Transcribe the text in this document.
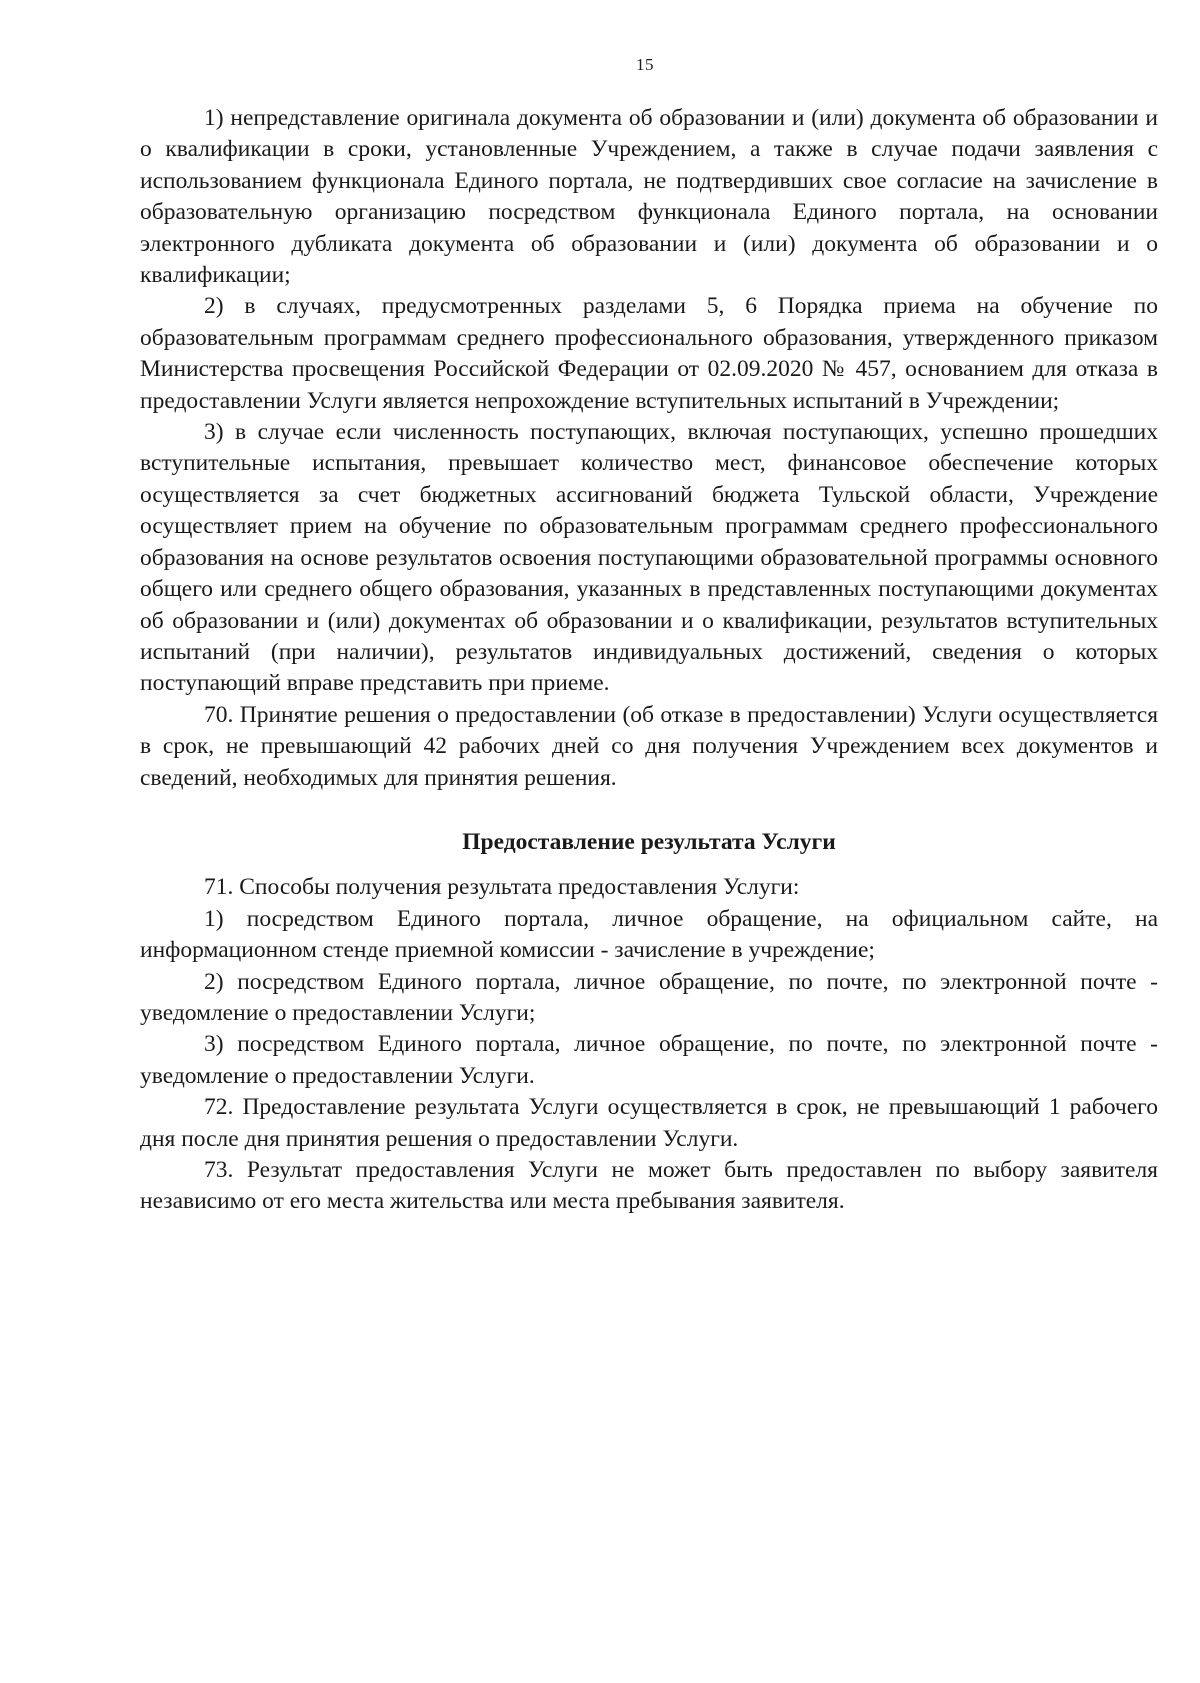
15

1) непредставление оригинала документа об образовании и (или) документа об образовании и о квалификации в сроки, установленные Учреждением, а также в случае подачи заявления с использованием функционала Единого портала, не подтвердивших свое согласие на зачисление в образовательную организацию посредством функционала Единого портала, на основании электронного дубликата документа об образовании и (или) документа об образовании и о квалификации;

2) в случаях, предусмотренных разделами 5, 6 Порядка приема на обучение по образовательным программам среднего профессионального образования, утвержденного приказом Министерства просвещения Российской Федерации от 02.09.2020 № 457, основанием для отказа в предоставлении Услуги является непрохождение вступительных испытаний в Учреждении;

3) в случае если численность поступающих, включая поступающих, успешно прошедших вступительные испытания, превышает количество мест, финансовое обеспечение которых осуществляется за счет бюджетных ассигнований бюджета Тульской области, Учреждение осуществляет прием на обучение по образовательным программам среднего профессионального образования на основе результатов освоения поступающими образовательной программы основного общего или среднего общего образования, указанных в представленных поступающими документах об образовании и (или) документах об образовании и о квалификации, результатов вступительных испытаний (при наличии), результатов индивидуальных достижений, сведения о которых поступающий вправе представить при приеме.

70. Принятие решения о предоставлении (об отказе в предоставлении) Услуги осуществляется в срок, не превышающий 42 рабочих дней со дня получения Учреждением всех документов и сведений, необходимых для принятия решения.

Предоставление результата Услуги

71. Способы получения результата предоставления Услуги:

1) посредством Единого портала, личное обращение, на официальном сайте, на информационном стенде приемной комиссии - зачисление в учреждение;

2) посредством Единого портала, личное обращение, по почте, по электронной почте - уведомление о предоставлении Услуги;

3) посредством Единого портала, личное обращение, по почте, по электронной почте - уведомление о предоставлении Услуги.

72. Предоставление результата Услуги осуществляется в срок, не превышающий 1 рабочего дня после дня принятия решения о предоставлении Услуги.

73. Результат предоставления Услуги не может быть предоставлен по выбору заявителя независимо от его места жительства или места пребывания заявителя.
